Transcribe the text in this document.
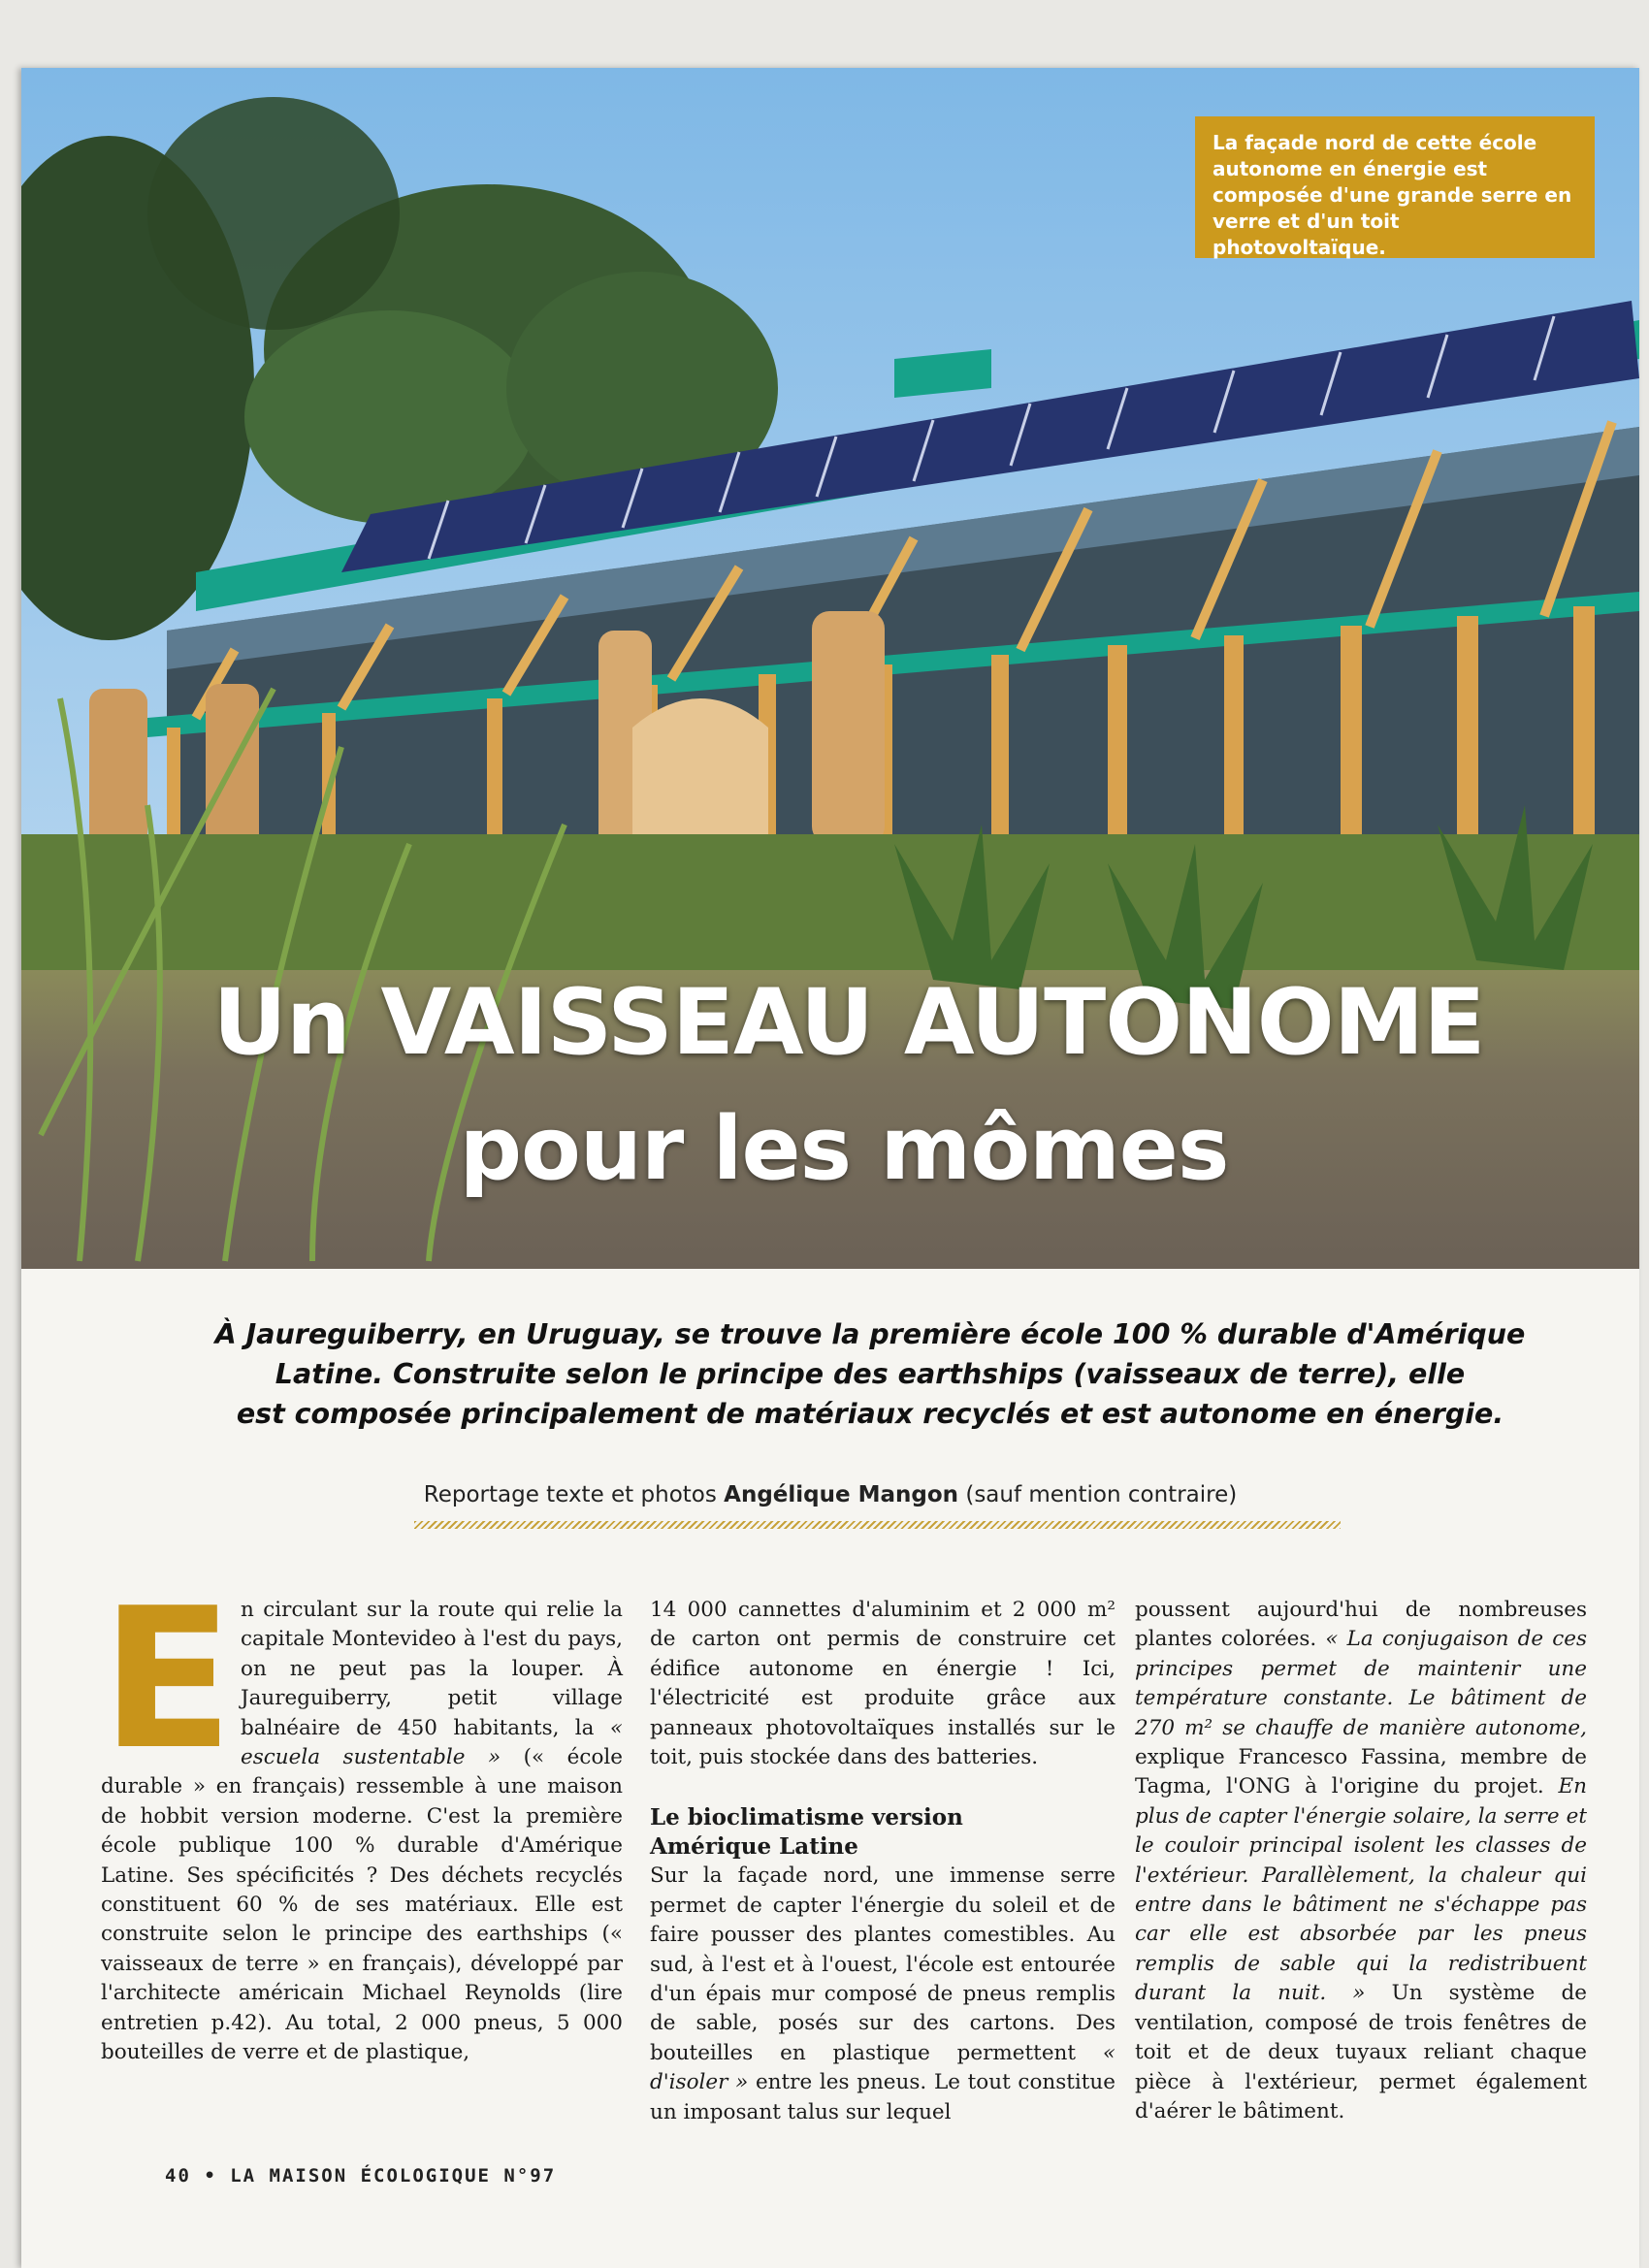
La façade nord de cette école
autonome en énergie est
composée d'une grande serre en
verre et d'un toit photovoltaïque.
Un VAISSEAU AUTONOME
pour les mômes
À Jaureguiberry, en Uruguay, se trouve la première école 100 % durable d'Amérique
Latine. Construite selon le principe des earthships (vaisseaux de terre), elle
est composée principalement de matériaux recyclés et est autonome en énergie.
Reportage texte et photos Angélique Mangon (sauf mention contraire)
E n circulant sur la route qui relie la capitale Montevideo à l'est du pays, on ne peut pas la louper. À Jaureguiberry, petit village balnéaire de 450 habitants, la « escuela sustentable » (« école durable » en français) ressemble à une maison de hobbit version moderne. C'est la première école publique 100 % durable d'Amérique Latine. Ses spécificités ? Des déchets recyclés constituent 60 % de ses matériaux. Elle est construite selon le principe des earthships (« vaisseaux de terre » en français), développé par l'architecte américain Michael Reynolds (lire entretien p.42). Au total, 2 000 pneus, 5 000 bouteilles de verre et de plastique,

14 000 cannettes d'aluminim et 2 000 m² de carton ont permis de construire cet édifice autonome en énergie ! Ici, l'électricité est produite grâce aux panneaux photovoltaïques installés sur le toit, puis stockée dans des batteries.

Le bioclimatisme version
Amérique Latine

Sur la façade nord, une immense serre permet de capter l'énergie du soleil et de faire pousser des plantes comestibles. Au sud, à l'est et à l'ouest, l'école est entourée d'un épais mur composé de pneus remplis de sable, posés sur des cartons. Des bouteilles en plastique permettent « d'isoler » entre les pneus. Le tout constitue un imposant talus sur lequel

poussent aujourd'hui de nombreuses plantes colorées. « La conjugaison de ces principes permet de maintenir une température constante. Le bâtiment de 270 m² se chauffe de manière autonome, explique Francesco Fassina, membre de Tagma, l'ONG à l'origine du projet. En plus de capter l'énergie solaire, la serre et le couloir principal isolent les classes de l'extérieur. Parallèlement, la chaleur qui entre dans le bâtiment ne s'échappe pas car elle est absorbée par les pneus remplis de sable qui la redistribuent durant la nuit. » Un système de ventilation, composé de trois fenêtres de toit et de deux tuyaux reliant chaque pièce à l'extérieur, permet également d'aérer le bâtiment.

40 • LA MAISON ÉCOLOGIQUE N°97
